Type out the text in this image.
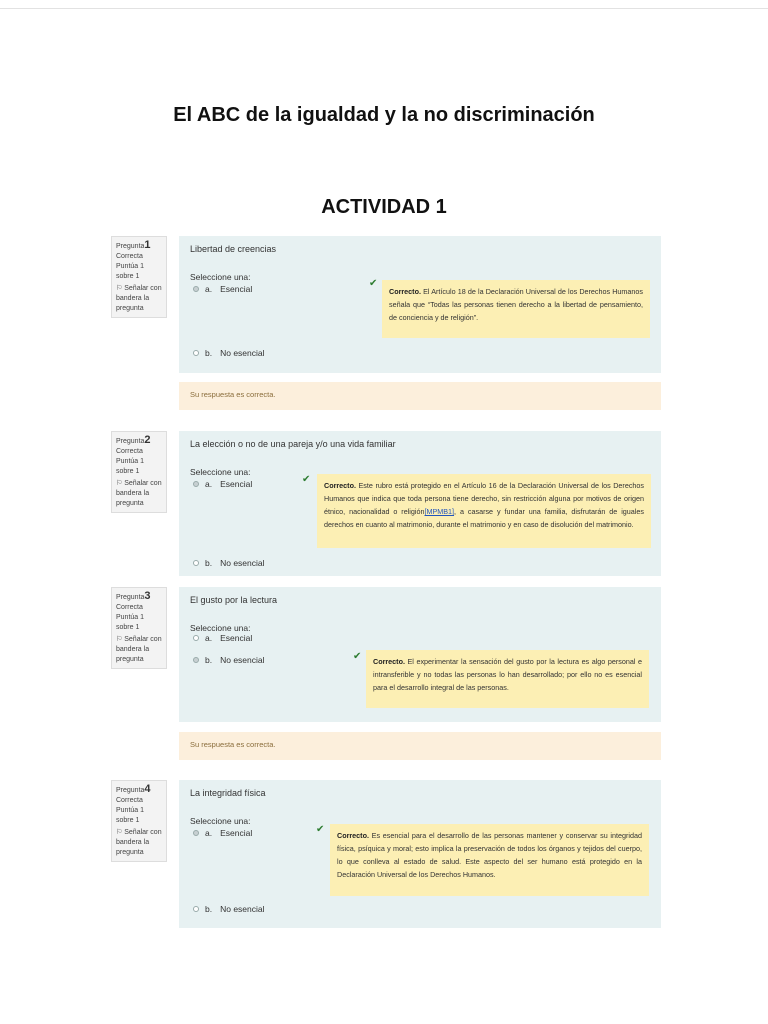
El ABC de la igualdad y la no discriminación
ACTIVIDAD 1
Pregunta1
Correcta
Puntúa 1 sobre 1
⚐ Señalar con bandera la pregunta
Libertad de creencias
Seleccione una:
a. Esencial	✔
Correcto. El Artículo 18 de la Declaración Universal de los Derechos Humanos señala que “Todas las personas tienen derecho a la libertad de pensamiento, de conciencia y de religión”.
b. No esencial
Su respuesta es correcta.
Pregunta2
Correcta
Puntúa 1 sobre 1
⚐ Señalar con bandera la pregunta
La elección o no de una pareja y/o una vida familiar
Seleccione una:
a. Esencial	✔
Correcto. Este rubro está protegido en el Artículo 16 de la Declaración Universal de los Derechos Humanos que indica que toda persona tiene derecho, sin restricción alguna por motivos de origen étnico, nacionalidad o religión[MPMB1], a casarse y fundar una familia, disfrutarán de iguales derechos en cuanto al matrimonio, durante el matrimonio y en caso de disolución del matrimonio.
b. No esencial
Pregunta3
Correcta
Puntúa 1 sobre 1
⚐ Señalar con bandera la pregunta
El gusto por la lectura
Seleccione una:
a. Esencial
b. No esencial	✔	Correcto. El experimentar la sensación del gusto por la lectura es algo personal e intransferible y no todas las personas lo han desarrollado; por ello no es esencial para el desarrollo integral de las personas.
Su respuesta es correcta.
Pregunta4
Correcta
Puntúa 1 sobre 1
⚐ Señalar con bandera la pregunta
La integridad física
Seleccione una:
a. Esencial	✔
Correcto. Es esencial para el desarrollo de las personas mantener y conservar su integridad física, psíquica y moral; esto implica la preservación de todos los órganos y tejidos del cuerpo, lo que conlleva al estado de salud. Este aspecto del ser humano está protegido en la Declaración Universal de los Derechos Humanos.
b. No esencial
